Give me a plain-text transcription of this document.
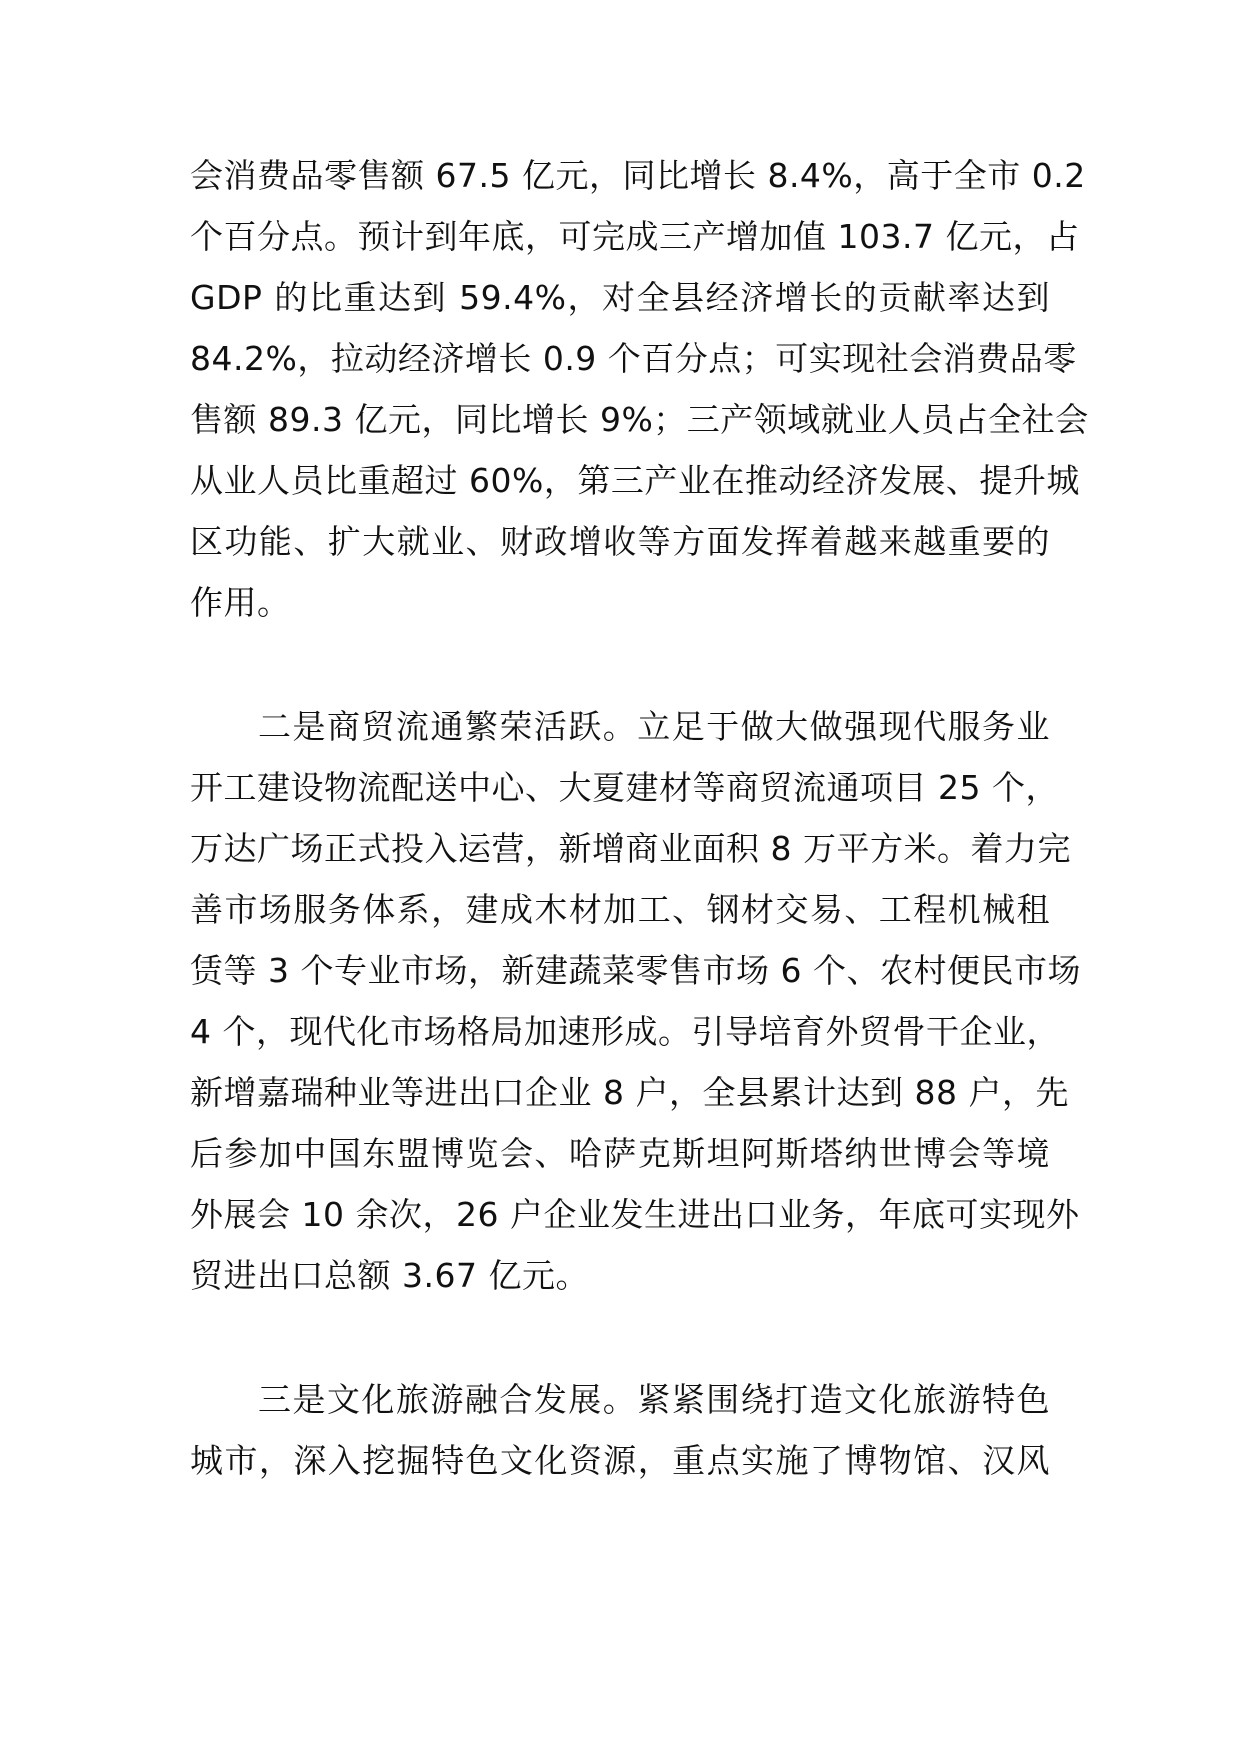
会消费品零售额 67.5 亿元，同比增长 8.4%，高于全市 0.2

个百分点。预计到年底，可完成三产增加值 103.7 亿元，占

GDP 的比重达到 59.4%，对全县经济增长的贡献率达到

84.2%，拉动经济增长 0.9 个百分点；可实现社会消费品零

售额 89.3 亿元，同比增长 9%；三产领域就业人员占全社会

从业人员比重超过 60%，第三产业在推动经济发展、提升城

区功能、扩大就业、财政增收等方面发挥着越来越重要的

作用。

二是商贸流通繁荣活跃。立足于做大做强现代服务业

开工建设物流配送中心、大夏建材等商贸流通项目 25 个，

万达广场正式投入运营，新增商业面积 8 万平方米。着力完

善市场服务体系，建成木材加工、钢材交易、工程机械租

赁等 3 个专业市场，新建蔬菜零售市场 6 个、农村便民市场

4 个，现代化市场格局加速形成。引导培育外贸骨干企业，

新增嘉瑞种业等进出口企业 8 户，全县累计达到 88 户，先

后参加中国东盟博览会、哈萨克斯坦阿斯塔纳世博会等境

外展会 10 余次，26 户企业发生进出口业务，年底可实现外

贸进出口总额 3.67 亿元。

三是文化旅游融合发展。紧紧围绕打造文化旅游特色

城市，深入挖掘特色文化资源，重点实施了博物馆、汉风
